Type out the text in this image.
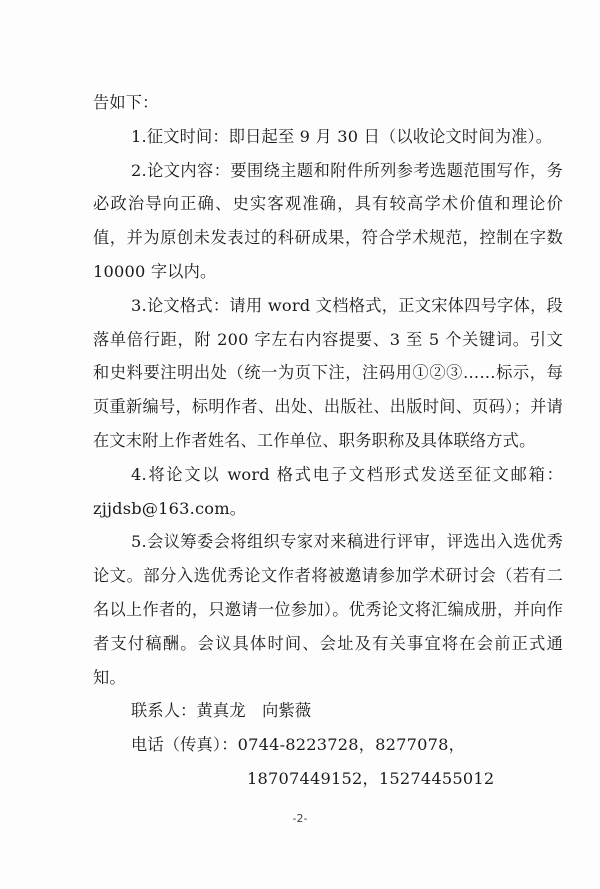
告如下：

1.征文时间：即日起至 9 月 30 日（以收论文时间为准）。

2.论文内容：要围绕主题和附件所列参考选题范围写作，务必政治导向正确、史实客观准确，具有较高学术价值和理论价值，并为原创未发表过的科研成果，符合学术规范，控制在字数 10000 字以内。

3.论文格式：请用 word 文档格式，正文宋体四号字体，段落单倍行距，附 200 字左右内容提要、3 至 5 个关键词。引文和史料要注明出处（统一为页下注，注码用①②③……标示，每页重新编号，标明作者、出处、出版社、出版时间、页码）；并请在文末附上作者姓名、工作单位、职务职称及具体联络方式。

4.将论文以 word 格式电子文档形式发送至征文邮箱：zjjdsb@163.com。

5.会议筹委会将组织专家对来稿进行评审，评选出入选优秀论文。部分入选优秀论文作者将被邀请参加学术研讨会（若有二名以上作者的，只邀请一位参加）。优秀论文将汇编成册，并向作者支付稿酬。会议具体时间、会址及有关事宜将在会前正式通知。

联系人：黄真龙　向紫薇

电话（传真）：0744-8223728，8277078，

18707449152，15274455012

-2-
